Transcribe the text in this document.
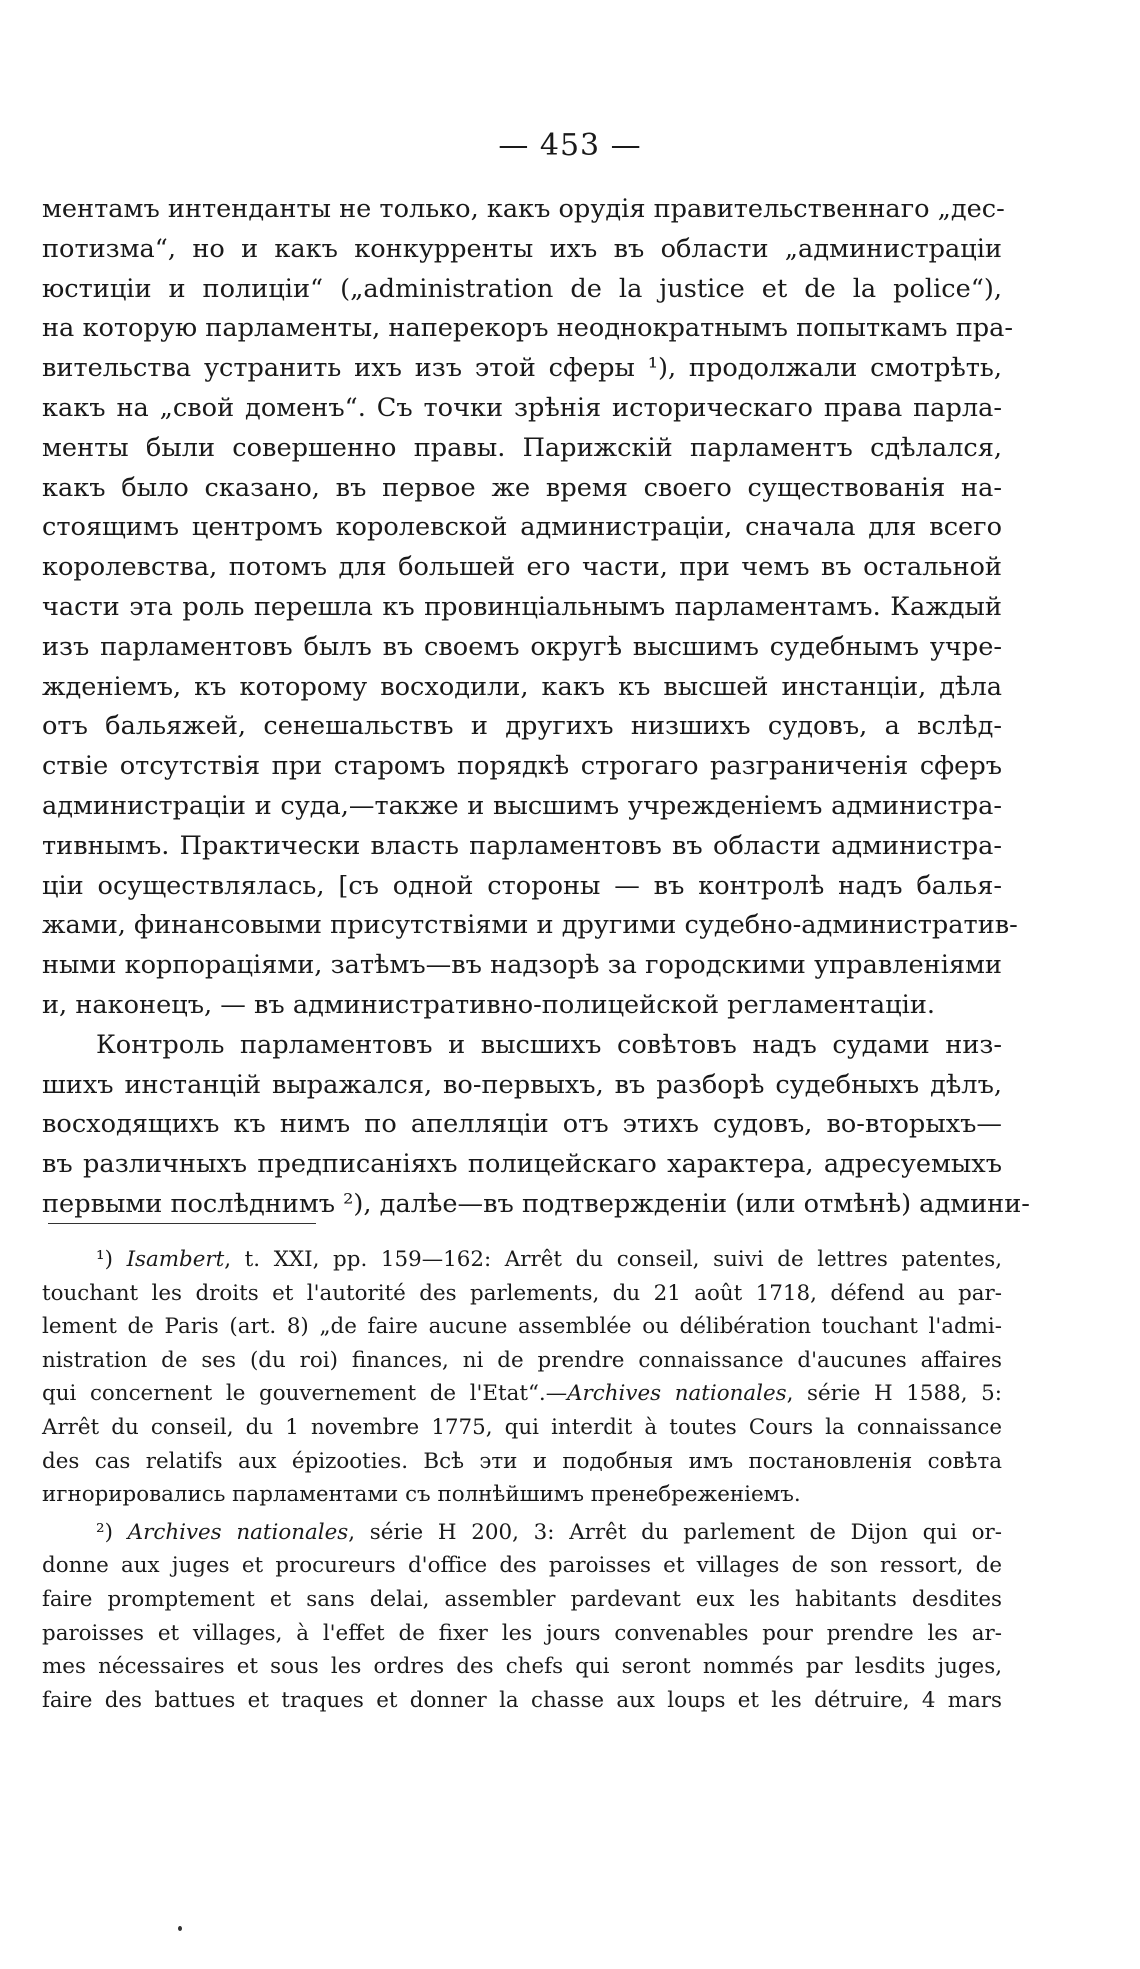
— 453 —
ментамъ интенданты не только, какъ орудія правительственнаго „дес-
потизма“, но и какъ конкурренты ихъ въ области „администраціи
юстиціи и полиціи“ („administration de la justice et de la police“),
на которую парламенты, наперекоръ неоднократнымъ попыткамъ пра-
вительства устранить ихъ изъ этой сферы ¹), продолжали смотрѣть,
какъ на „свой доменъ“. Съ точки зрѣнія историческаго права парла-
менты были совершенно правы. Парижскій парламентъ сдѣлался,
какъ было сказано, въ первое же время своего существованія на-
стоящимъ центромъ королевской администраціи, сначала для всего
королевства, потомъ для большей его части, при чемъ въ остальной
части эта роль перешла къ провинціальнымъ парламентамъ. Каждый
изъ парламентовъ былъ въ своемъ округѣ высшимъ судебнымъ учре-
жденіемъ, къ которому восходили, какъ къ высшей инстанціи, дѣла
отъ бальяжей, сенешальствъ и другихъ низшихъ судовъ, а вслѣд-
ствіе отсутствія при старомъ порядкѣ строгаго разграниченія сферъ
администраціи и суда,—также и высшимъ учрежденіемъ администра-
тивнымъ. Практически власть парламентовъ въ области администра-
ціи осуществлялась, [съ одной стороны — въ контролѣ надъ балья-
жами, финансовыми присутствіями и другими судебно-административ-
ными корпораціями, затѣмъ—въ надзорѣ за городскими управленіями
и, наконецъ, — въ административно-полицейской регламентаціи.
Контроль парламентовъ и высшихъ совѣтовъ надъ судами низ-
шихъ инстанцій выражался, во-первыхъ, въ разборѣ судебныхъ дѣлъ,
восходящихъ къ нимъ по апелляціи отъ этихъ судовъ, во-вторыхъ—
въ различныхъ предписаніяхъ полицейскаго характера, адресуемыхъ
первыми послѣднимъ ²), далѣе—въ подтвержденіи (или отмѣнѣ) админи-
¹) Isambert, t. XXI, pp. 159—162: Arrêt du conseil, suivi de lettres patentes,
touchant les droits et l'autorité des parlements, du 21 août 1718, défend au par-
lement de Paris (art. 8) „de faire aucune assemblée ou délibération touchant l'admi-
nistration de ses (du roi) finances, ni de prendre connaissance d'aucunes affaires
qui concernent le gouvernement de l'Etat“.—Archives nationales, série H 1588, 5:
Arrêt du conseil, du 1 novembre 1775, qui interdit à toutes Cours la connaissance
des cas relatifs aux épizooties. Всѣ эти и подобныя имъ постановленія совѣта
игнорировались парламентами съ полнѣйшимъ пренебреженіемъ.
²) Archives nationales, série H 200, 3: Arrêt du parlement de Dijon qui or-
donne aux juges et procureurs d'office des paroisses et villages de son ressort, de
faire promptement et sans delai, assembler pardevant eux les habitants desdites
paroisses et villages, à l'effet de fixer les jours convenables pour prendre les ar-
mes nécessaires et sous les ordres des chefs qui seront nommés par lesdits juges,
faire des battues et traques et donner la chasse aux loups et les détruire, 4 mars
